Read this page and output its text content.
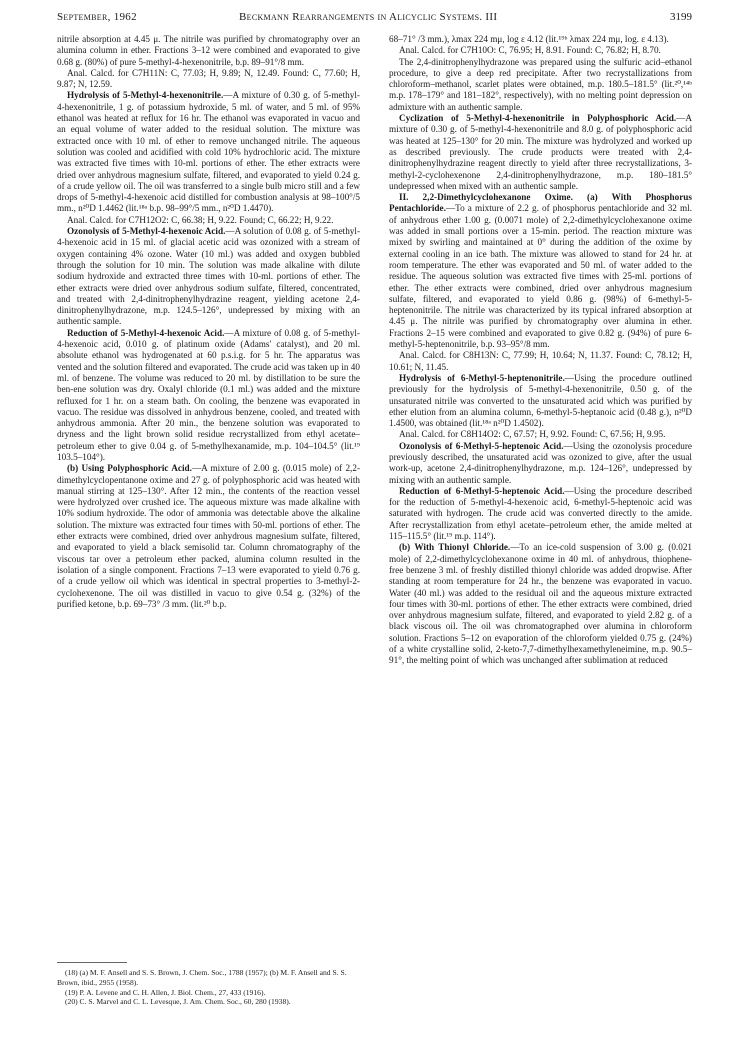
September, 1962	Beckmann Rearrangements in Alicyclic Systems. III	3199

nitrile absorption at 4.45 μ. The nitrile was purified by chromatography over an alumina column in ether. Fractions 3–12 were combined and evaporated to give 0.68 g. (80%) of pure 5-methyl-4-hexenonitrile, b.p. 89–91°/8 mm.

Anal. Calcd. for C7H11N: C, 77.03; H, 9.89; N, 12.49. Found: C, 77.60; H, 9.87; N, 12.59.

Hydrolysis of 5-Methyl-4-hexenonitrile.—A mixture of 0.30 g. of 5-methyl-4-hexenonitrile, 1 g. of potassium hydroxide, 5 ml. of water, and 5 ml. of 95% ethanol was heated at reflux for 16 hr. The ethanol was evaporated in vacuo and an equal volume of water added to the residual solution. The mixture was extracted once with 10 ml. of ether to remove unchanged nitrile. The aqueous solution was cooled and acidified with cold 10% hydrochloric acid. The mixture was extracted five times with 10-ml. portions of ether. The ether extracts were dried over anhydrous magnesium sulfate, filtered, and evaporated to yield 0.24 g. of a crude yellow oil. The oil was transferred to a single bulb micro still and a few drops of 5-methyl-4-hexenoic acid distilled for combustion analysis at 98–100°/5 mm., n²⁰D 1.4462 (lit.¹⁸ᵃ b.p. 98–99°/5 mm., n²⁰D 1.4470).

Anal. Calcd. for C7H12O2: C, 66.38; H, 9.22. Found; C, 66.22; H, 9.22.

Ozonolysis of 5-Methyl-4-hexenoic Acid.—A solution of 0.08 g. of 5-methyl-4-hexenoic acid in 15 ml. of glacial acetic acid was ozonized with a stream of oxygen containing 4% ozone. Water (10 ml.) was added and oxygen bubbled through the solution for 10 min. The solution was made alkaline with dilute sodium hydroxide and extracted three times with 10-ml. portions of ether. The ether extracts were dried over anhydrous sodium sulfate, filtered, concentrated, and treated with 2,4-dinitrophenylhydrazine reagent, yielding acetone 2,4-dinitrophenylhydrazone, m.p. 124.5–126°, undepressed by mixing with an authentic sample.

Reduction of 5-Methyl-4-hexenoic Acid.—A mixture of 0.08 g. of 5-methyl-4-hexenoic acid, 0.010 g. of platinum oxide (Adams' catalyst), and 20 ml. absolute ethanol was hydrogenated at 60 p.s.i.g. for 5 hr. The apparatus was vented and the solution filtered and evaporated. The crude acid was taken up in 40 ml. of benzene. The volume was reduced to 20 ml. by distillation to be sure the ben-ene solution was dry. Oxalyl chloride (0.1 ml.) was added and the mixture refluxed for 1 hr. on a steam bath. On cooling, the benzene was evaporated in vacuo. The residue was dissolved in anhydrous benzene, cooled, and treated with anhydrous ammonia. After 20 min., the benzene solution was evaporated to dryness and the light brown solid residue recrystallized from ethyl acetate–petroleum ether to give 0.04 g. of 5-methylhexanamide, m.p. 104–104.5° (lit.¹⁹ 103.5–104°).

(b) Using Polyphosphoric Acid.—A mixture of 2.00 g. (0.015 mole) of 2,2-dimethylcyclopentanone oxime and 27 g. of polyphosphoric acid was heated with manual stirring at 125–130°. After 12 min., the contents of the reaction vessel were hydrolyzed over crushed ice. The aqueous mixture was made alkaline with 10% sodium hydroxide. The odor of ammonia was detectable above the alkaline solution. The mixture was extracted four times with 50-ml. portions of ether. The ether extracts were combined, dried over anhydrous magnesium sulfate, filtered, and evaporated to yield a black semisolid tar. Column chromatography of the viscous tar over a petroleum ether packed, alumina column resulted in the isolation of a single component. Fractions 7–13 were evaporated to yield 0.76 g. of a crude yellow oil which was identical in spectral properties to 3-methyl-2-cyclohexenone. The oil was distilled in vacuo to give 0.54 g. (32%) of the purified ketone, b.p. 69–73° /3 mm. (lit.²⁰ b.p.

(18) (a) M. F. Ansell and S. S. Brown, J. Chem. Soc., 1788 (1957); (b) M. F. Ansell and S. S. Brown, ibid., 2955 (1958).

(19) P. A. Levene and C. H. Allen, J. Biol. Chem., 27, 433 (1916).

(20) C. S. Marvel and C. L. Levesque, J. Am. Chem. Soc., 60, 280 (1938).

68–71° /3 mm.), λmax 224 mμ, log ε 4.12 (lit.¹⁹ᵇ λmax 224 mμ, log. ε 4.13).

Anal. Calcd. for C7H10O: C, 76.95; H, 8.91. Found: C, 76.82; H, 8.70.

The 2,4-dinitrophenylhydrazone was prepared using the sulfuric acid–ethanol procedure, to give a deep red precipitate. After two recrystallizations from chloroform–methanol, scarlet plates were obtained, m.p. 180.5–181.5° (lit.²⁰,¹⁴ᵇ m.p. 178–179° and 181–182°, respectively), with no melting point depression on admixture with an authentic sample.

Cyclization of 5-Methyl-4-hexenonitrile in Polyphosphoric Acid.—A mixture of 0.30 g. of 5-methyl-4-hexenonitrile and 8.0 g. of polyphosphoric acid was heated at 125–130° for 20 min. The mixture was hydrolyzed and worked up as described previously. The crude products were treated with 2,4-dinitrophenylhydrazine reagent directly to yield after three recrystallizations, 3-methyl-2-cyclohexenone 2,4-dinitrophenylhydrazone, m.p. 180–181.5° undepressed when mixed with an authentic sample.

II. 2,2-Dimethylcyclohexanone Oxime. (a) With Phosphorus Pentachloride.—To a mixture of 2.2 g. of phosphorus pentachloride and 32 ml. of anhydrous ether 1.00 g. (0.0071 mole) of 2,2-dimethylcyclohexanone oxime was added in small portions over a 15-min. period. The reaction mixture was mixed by swirling and maintained at 0° during the addition of the oxime by external cooling in an ice bath. The mixture was allowed to stand for 24 hr. at room temperature. The ether was evaporated and 50 ml. of water added to the residue. The aqueous solution was extracted five times with 25-ml. portions of ether. The ether extracts were combined, dried over anhydrous magnesium sulfate, filtered, and evaporated to yield 0.86 g. (98%) of 6-methyl-5-heptenonitrile. The nitrile was characterized by its typical infrared absorption at 4.45 μ. The nitrile was purified by chromatography over alumina in ether. Fractions 2–15 were combined and evaporated to give 0.82 g. (94%) of pure 6-methyl-5-heptenonitrile, b.p. 93–95°/8 mm.

Anal. Calcd. for C8H13N: C, 77.99; H, 10.64; N, 11.37. Found: C, 78.12; H, 10.61; N, 11.45.

Hydrolysis of 6-Methyl-5-heptenonitrile.—Using the procedure outlined previously for the hydrolysis of 5-methyl-4-hexenonitrile, 0.50 g. of the unsaturated nitrile was converted to the unsaturated acid which was purified by ether elution from an alumina column, 6-methyl-5-heptanoic acid (0.48 g.), n²⁰D 1.4500, was obtained (lit.¹⁸ᵃ n²⁰D 1.4502).

Anal. Calcd. for C8H14O2: C, 67.57; H, 9.92. Found: C, 67.56; H, 9.95.

Ozonolysis of 6-Methyl-5-heptenoic Acid.—Using the ozonolysis procedure previously described, the unsaturated acid was ozonized to give, after the usual work-up, acetone 2,4-dinitrophenylhydrazone, m.p. 124–126°, undepressed by mixing with an authentic sample.

Reduction of 6-Methyl-5-heptenoic Acid.—Using the procedure described for the reduction of 5-methyl-4-hexenoic acid, 6-methyl-5-heptenoic acid was saturated with hydrogen. The crude acid was converted directly to the amide. After recrystallization from ethyl acetate–petroleum ether, the amide melted at 115–115.5° (lit.¹⁹ m.p. 114°).

(b) With Thionyl Chloride.—To an ice-cold suspension of 3.00 g. (0.021 mole) of 2,2-dimethylcyclohexanone oxime in 40 ml. of anhydrous, thiophene-free benzene 3 ml. of freshly distilled thionyl chloride was added dropwise. After standing at room temperature for 24 hr., the benzene was evaporated in vacuo. Water (40 ml.) was added to the residual oil and the aqueous mixture extracted four times with 30-ml. portions of ether. The ether extracts were combined, dried over anhydrous magnesium sulfate, filtered, and evaporated to yield 2.82 g. of a black viscous oil. The oil was chromatographed over alumina in chloroform solution. Fractions 5–12 on evaporation of the chloroform yielded 0.75 g. (24%) of a white crystalline solid, 2-keto-7,7-dimethylhexamethyleneimine, m.p. 90.5–91°, the melting point of which was unchanged after sublimation at reduced
